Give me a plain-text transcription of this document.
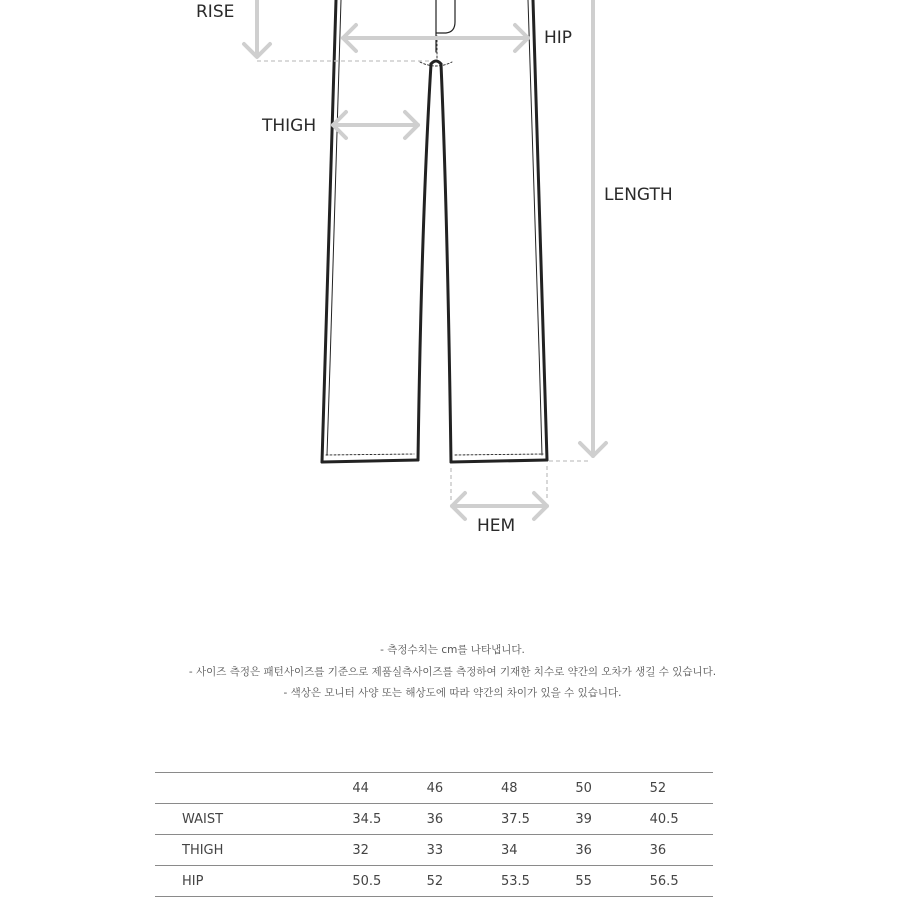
RISE
HIP
THIGH
LENGTH
HEM

- 측정수치는 cm를 나타냅니다.

- 사이즈 측정은 패턴사이즈를 기준으로 제품실측사이즈를 측정하여 기재한 치수로 약간의 오차가 생길 수 있습니다.

- 색상은 모니터 사양 또는 해상도에 따라 약간의 차이가 있을 수 있습니다.

	44	46	48	50	52
WAIST	34.5	36	37.5	39	40.5
THIGH	32	33	34	36	36
HIP	50.5	52	53.5	55	56.5
